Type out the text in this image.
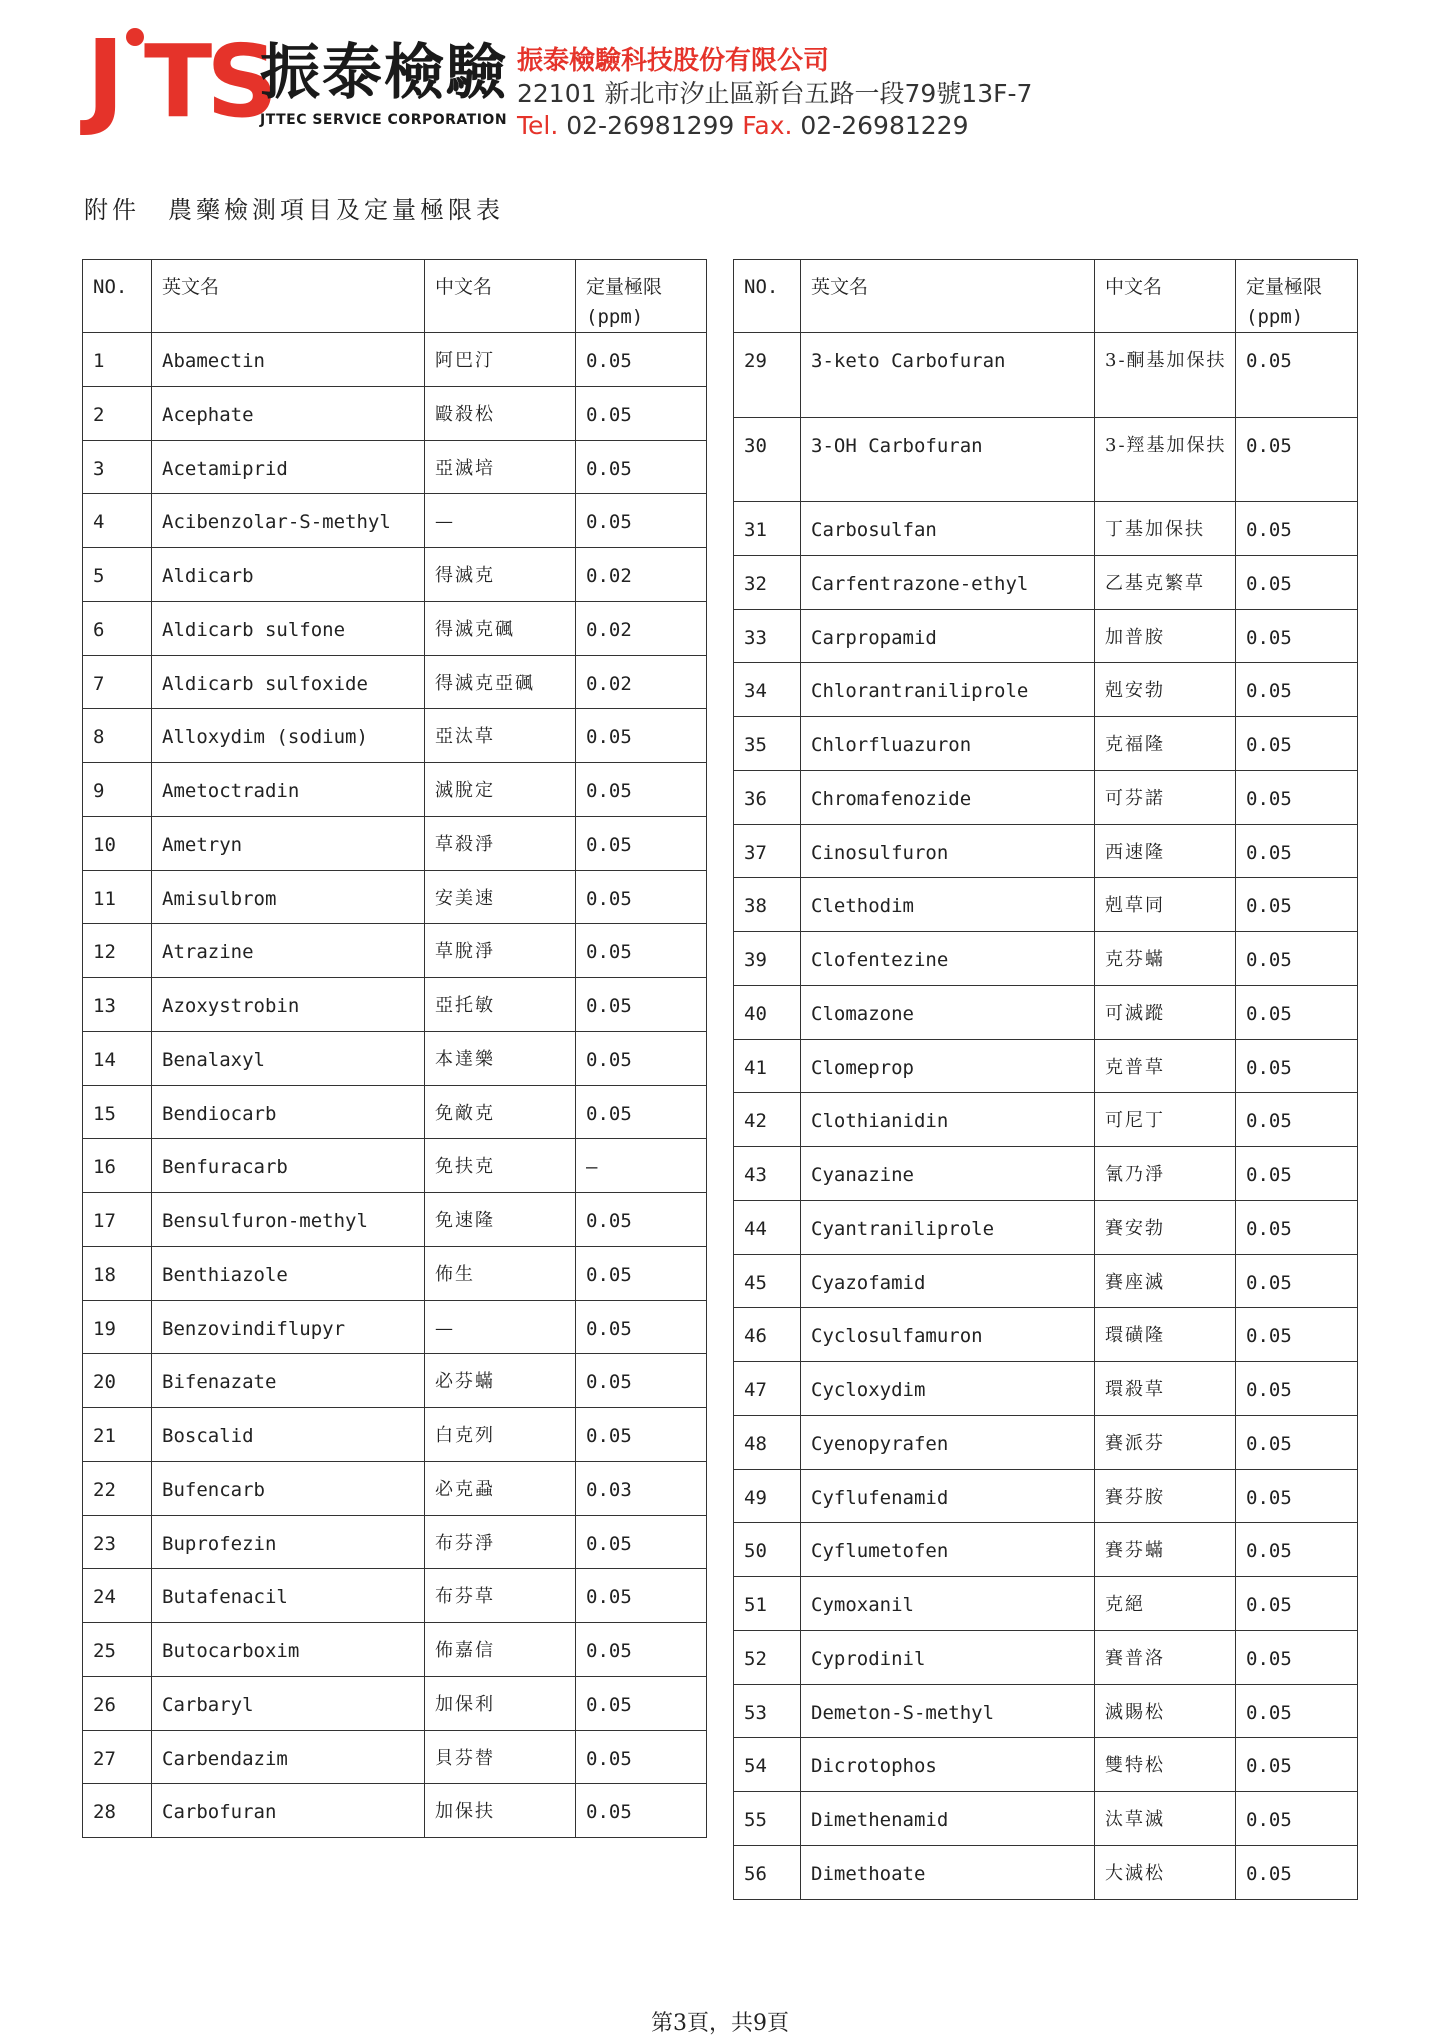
J TS
振泰檢驗
JTTEC SERVICE CORPORATION
振泰檢驗科技股份有限公司
22101 新北市汐止區新台五路一段79號13F-7
Tel. 02-26981299 Fax. 02-26981229
附件 農藥檢測項目及定量極限表
NO.	英文名	中文名	定量極限
(ppm)
1	Abamectin	阿巴汀	0.05
2	Acephate	毆殺松	0.05
3	Acetamiprid	亞滅培	0.05
4	Acibenzolar-S-methyl	—	0.05
5	Aldicarb	得滅克	0.02
6	Aldicarb sulfone	得滅克碸	0.02
7	Aldicarb sulfoxide	得滅克亞碸	0.02
8	Alloxydim (sodium)	亞汰草	0.05
9	Ametoctradin	滅脫定	0.05
10	Ametryn	草殺淨	0.05
11	Amisulbrom	安美速	0.05
12	Atrazine	草脫淨	0.05
13	Azoxystrobin	亞托敏	0.05
14	Benalaxyl	本達樂	0.05
15	Bendiocarb	免敵克	0.05
16	Benfuracarb	免扶克	—
17	Bensulfuron-methyl	免速隆	0.05
18	Benthiazole	佈生	0.05
19	Benzovindiflupyr	—	0.05
20	Bifenazate	必芬蟎	0.05
21	Boscalid	白克列	0.05
22	Bufencarb	必克蝨	0.03
23	Buprofezin	布芬淨	0.05
24	Butafenacil	布芬草	0.05
25	Butocarboxim	佈嘉信	0.05
26	Carbaryl	加保利	0.05
27	Carbendazim	貝芬替	0.05
28	Carbofuran	加保扶	0.05
NO.	英文名	中文名	定量極限
(ppm)
29	3-keto Carbofuran	3-酮基加保扶	0.05
30	3-OH Carbofuran	3-羥基加保扶	0.05
31	Carbosulfan	丁基加保扶	0.05
32	Carfentrazone-ethyl	乙基克繁草	0.05
33	Carpropamid	加普胺	0.05
34	Chlorantraniliprole	剋安勃	0.05
35	Chlorfluazuron	克福隆	0.05
36	Chromafenozide	可芬諾	0.05
37	Cinosulfuron	西速隆	0.05
38	Clethodim	剋草同	0.05
39	Clofentezine	克芬蟎	0.05
40	Clomazone	可滅蹤	0.05
41	Clomeprop	克普草	0.05
42	Clothianidin	可尼丁	0.05
43	Cyanazine	氰乃淨	0.05
44	Cyantraniliprole	賽安勃	0.05
45	Cyazofamid	賽座滅	0.05
46	Cyclosulfamuron	環磺隆	0.05
47	Cycloxydim	環殺草	0.05
48	Cyenopyrafen	賽派芬	0.05
49	Cyflufenamid	賽芬胺	0.05
50	Cyflumetofen	賽芬蟎	0.05
51	Cymoxanil	克絕	0.05
52	Cyprodinil	賽普洛	0.05
53	Demeton-S-methyl	滅賜松	0.05
54	Dicrotophos	雙特松	0.05
55	Dimethenamid	汰草滅	0.05
56	Dimethoate	大滅松	0.05
第3頁，共9頁
